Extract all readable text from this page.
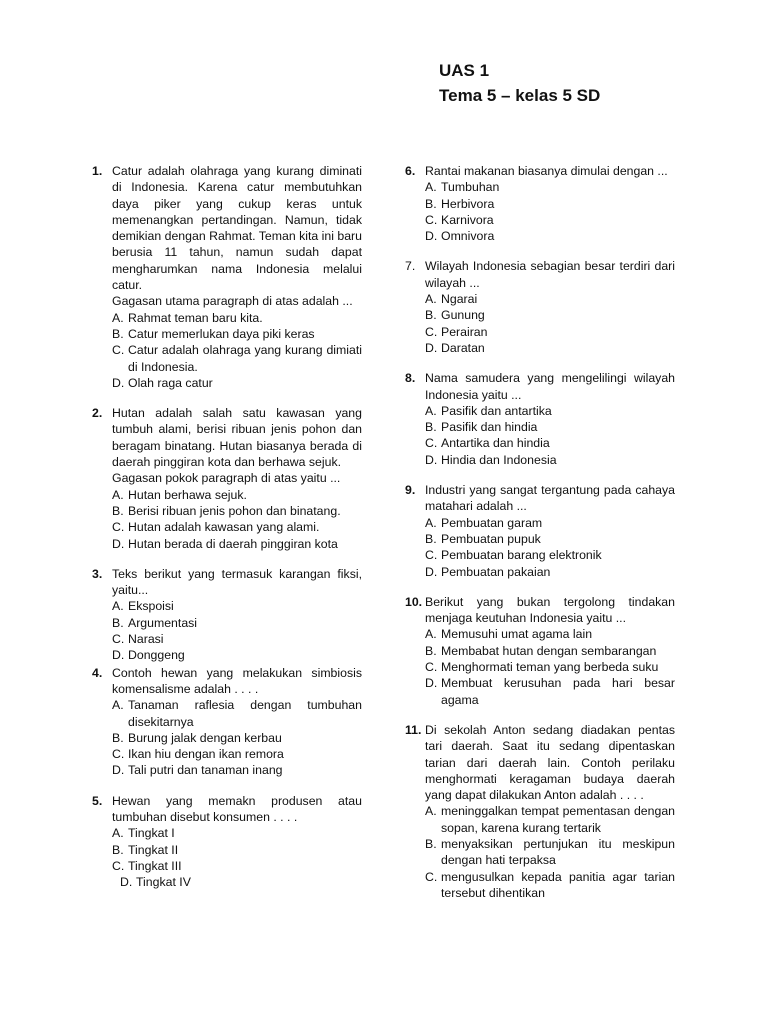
UAS 1
Tema 5 – kelas 5 SD
1. Catur adalah olahraga yang kurang diminati di Indonesia. Karena catur membutuhkan daya piker yang cukup keras untuk memenangkan pertandingan. Namun, tidak demikian dengan Rahmat. Teman kita ini baru berusia 11 tahun, namun sudah dapat mengharumkan nama Indonesia melalui catur.
Gagasan utama paragraph di atas adalah ...
A. Rahmat teman baru kita.
B. Catur memerlukan daya piki keras
C. Catur adalah olahraga yang kurang dimiati di Indonesia.
D. Olah raga catur
2. Hutan adalah salah satu kawasan yang tumbuh alami, berisi ribuan jenis pohon dan beragam binatang. Hutan biasanya berada di daerah pinggiran kota dan berhawa sejuk.
Gagasan pokok paragraph di atas yaitu ...
A. Hutan berhawa sejuk.
B. Berisi ribuan jenis pohon dan binatang.
C. Hutan adalah kawasan yang alami.
D. Hutan berada di daerah pinggiran kota
3. Teks berikut yang termasuk karangan fiksi, yaitu...
A. Ekspoisi
B. Argumentasi
C. Narasi
D. Donggeng
4. Contoh hewan yang melakukan simbiosis komensalisme adalah . . . .
A. Tanaman raflesia dengan tumbuhan disekitarnya
B. Burung jalak dengan kerbau
C. Ikan hiu dengan ikan remora
D. Tali putri dan tanaman inang
5. Hewan yang memakn produsen atau tumbuhan disebut konsumen . . . .
A. Tingkat I
B. Tingkat II
C. Tingkat III
D. Tingkat IV
6. Rantai makanan biasanya dimulai dengan ...
A. Tumbuhan
B. Herbivora
C. Karnivora
D. Omnivora
7. Wilayah Indonesia sebagian besar terdiri dari wilayah ...
A. Ngarai
B. Gunung
C. Perairan
D. Daratan
8. Nama samudera yang mengelilingi wilayah Indonesia yaitu ...
A. Pasifik dan antartika
B. Pasifik dan hindia
C. Antartika dan hindia
D. Hindia dan Indonesia
9. Industri yang sangat tergantung pada cahaya matahari adalah ...
A. Pembuatan garam
B. Pembuatan pupuk
C. Pembuatan barang elektronik
D. Pembuatan pakaian
10. Berikut yang bukan tergolong tindakan menjaga keutuhan Indonesia yaitu ...
A. Memusuhi umat agama lain
B. Membabat hutan dengan sembarangan
C. Menghormati teman yang berbeda suku
D. Membuat kerusuhan pada hari besar agama
11. Di sekolah Anton sedang diadakan pentas tari daerah. Saat itu sedang dipentaskan tarian dari daerah lain. Contoh perilaku menghormati keragaman budaya daerah yang dapat dilakukan Anton adalah . . . .
A. meninggalkan tempat pementasan dengan sopan, karena kurang tertarik
B. menyaksikan pertunjukan itu meskipun dengan hati terpaksa
C. mengusulkan kepada panitia agar tarian tersebut dihentikan
